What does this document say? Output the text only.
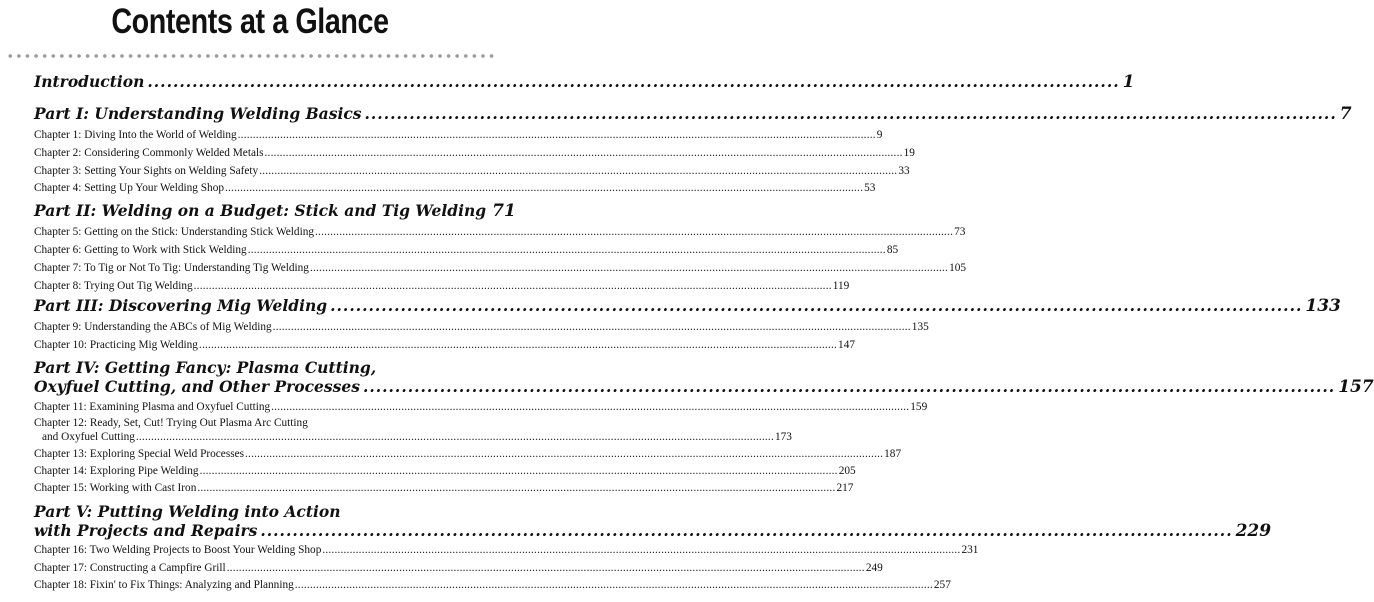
Contents at a Glance
Introduction .....	1
Part I: Understanding Welding Basics .....	7
Chapter 1: Diving Into the World of Welding .....	9
Chapter 2: Considering Commonly Welded Metals .....	19
Chapter 3: Setting Your Sights on Welding Safety .....	33
Chapter 4: Setting Up Your Welding Shop .....	53
Part II: Welding on a Budget: Stick and Tig Welding 71
Chapter 5: Getting on the Stick: Understanding Stick Welding .....	73
Chapter 6: Getting to Work with Stick Welding .....	85
Chapter 7: To Tig or Not To Tig: Understanding Tig Welding .....	105
Chapter 8: Trying Out Tig Welding .....	119
Part III: Discovering Mig Welding .....	133
Chapter 9: Understanding the ABCs of Mig Welding .....	135
Chapter 10: Practicing Mig Welding .....	147
Part IV: Getting Fancy: Plasma Cutting,
Oxyfuel Cutting, and Other Processes .....	157
Chapter 11: Examining Plasma and Oxyfuel Cutting .....	159
Chapter 12: Ready, Set, Cut! Trying Out Plasma Arc Cutting
and Oxyfuel Cutting .....	173
Chapter 13: Exploring Special Weld Processes .....	187
Chapter 14: Exploring Pipe Welding .....	205
Chapter 15: Working with Cast Iron .....	217
Part V: Putting Welding into Action
with Projects and Repairs .....	229
Chapter 16: Two Welding Projects to Boost Your Welding Shop .....	231
Chapter 17: Constructing a Campfire Grill .....	249
Chapter 18: Fixin' to Fix Things: Analyzing and Planning .....	257
